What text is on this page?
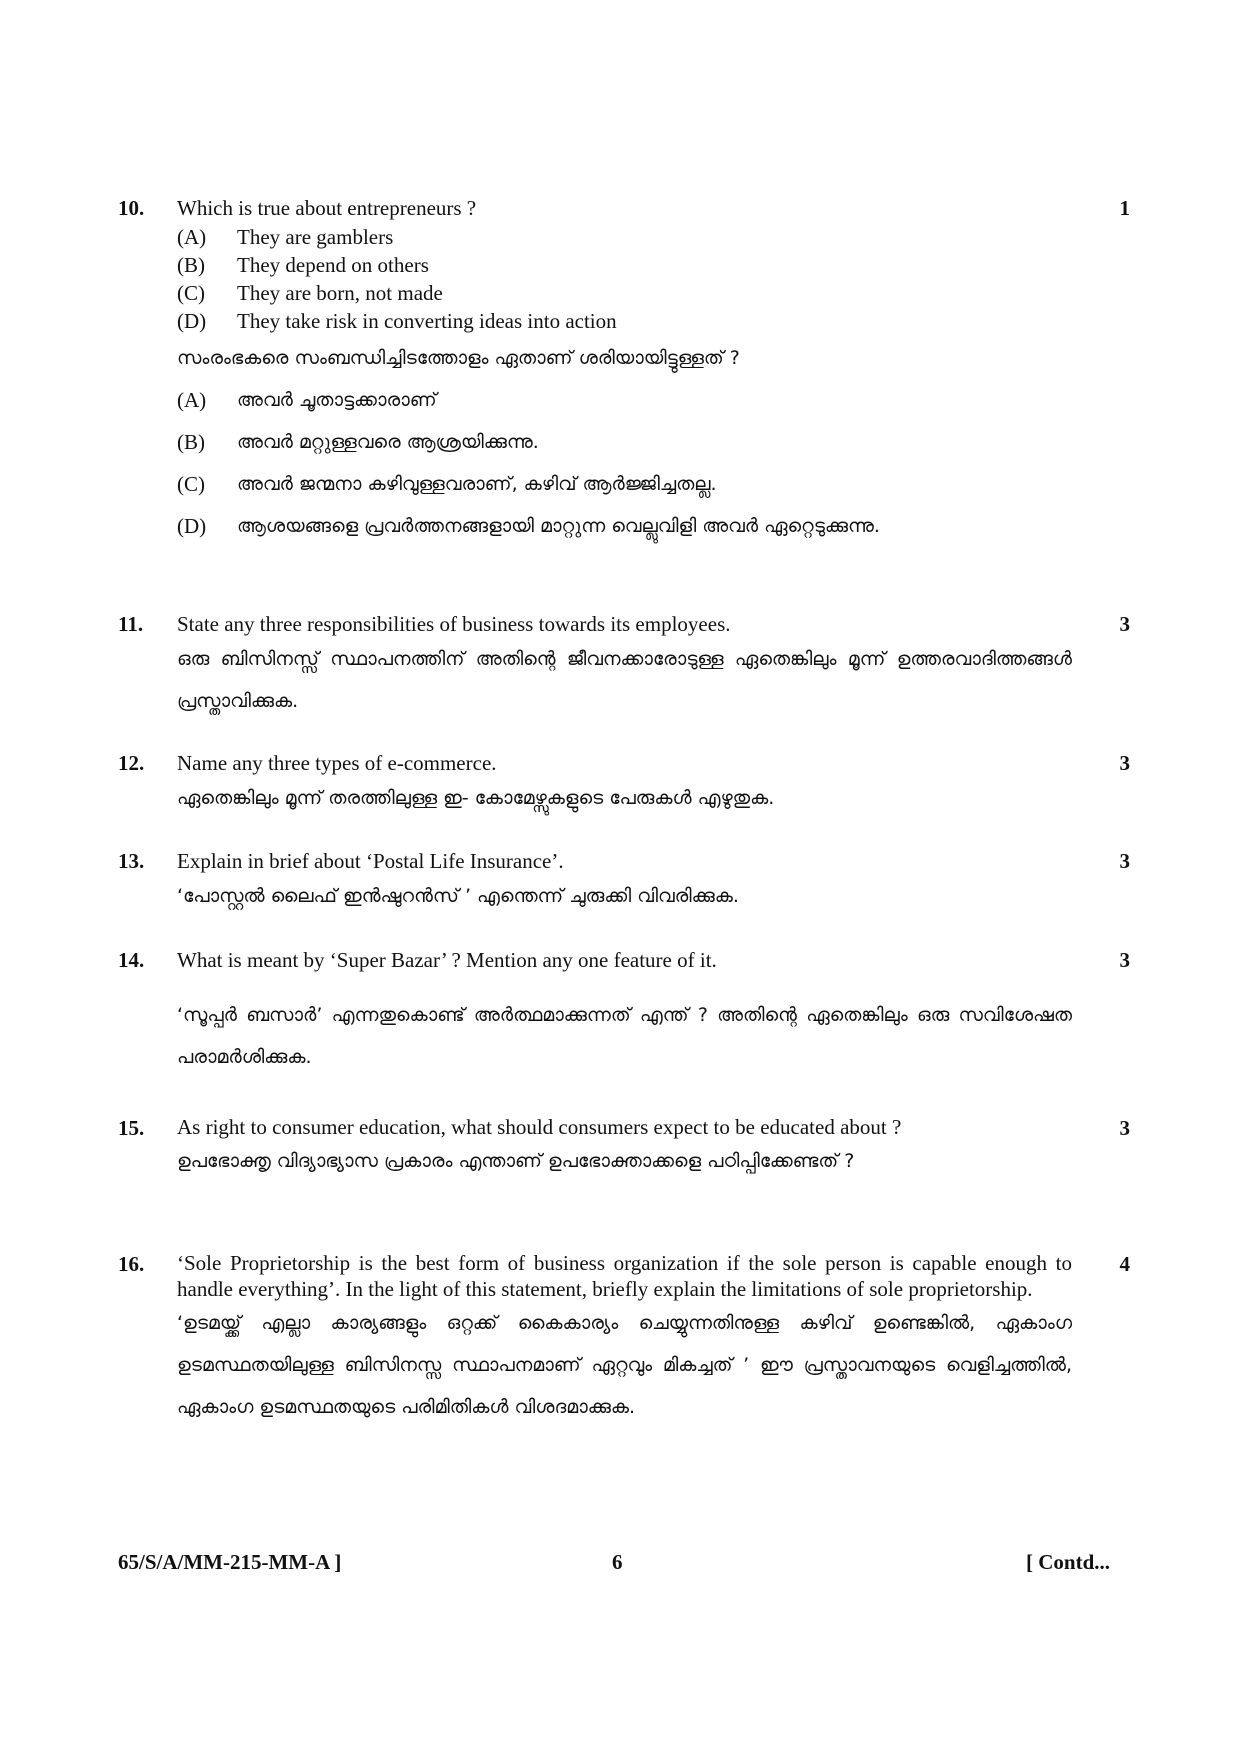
10.	Which is true about entrepreneurs ?

(A)	They are gamblers
(B)	They depend on others
(C)	They are born, not made
(D)	They take risk in converting ideas into action

സംരംഭകരെ സംബന്ധിച്ചിടത്തോളം ഏതാണ് ശരിയായിട്ടുള്ളത് ?

(A)	അവർ ചൂതാട്ടക്കാരാണ്
(B)	അവർ മറ്റുള്ളവരെ ആശ്രയിക്കുന്നു.
(C)	അവർ ജന്മനാ കഴിവുള്ളവരാണ്, കഴിവ് ആർജ്ജിച്ചതല്ല.
(D)	ആശയങ്ങളെ പ്രവർത്തനങ്ങളായി മാറ്റുന്ന വെല്ലുവിളി അവർ ഏറ്റെടുക്കുന്നു.
1
11.	State any three responsibilities of business towards its employees.

ഒരു ബിസിനസ്സ് സ്ഥാപനത്തിന് അതിന്റെ ജീവനക്കാരോടുള്ള ഏതെങ്കിലും മൂന്ന് ഉത്തരവാദിത്തങ്ങൾ പ്രസ്താവിക്കുക.

3
12.	Name any three types of e-commerce.

ഏതെങ്കിലും മൂന്ന് തരത്തിലുള്ള ഇ- കോമേഴ്സുകളുടെ പേരുകൾ എഴുതുക.

3
13.	Explain in brief about ‘Postal Life Insurance’.

‘പോസ്റ്റൽ ലൈഫ് ഇൻഷുറൻസ് ’ എന്തെന്ന് ചുരുക്കി വിവരിക്കുക.

3
14.	What is meant by ‘Super Bazar’ ? Mention any one feature of it.

‘സൂപ്പർ ബസാർ’ എന്നതുകൊണ്ട് അർത്ഥമാക്കുന്നത് എന്ത് ? അതിന്റെ ഏതെങ്കിലും ഒരു സവിശേഷത പരാമർശിക്കുക.

3
15.	As right to consumer education, what should consumers expect to be educated about ?

ഉപഭോക്തൃ വിദ്യാഭ്യാസ പ്രകാരം എന്താണ് ഉപഭോക്താക്കളെ പഠിപ്പിക്കേണ്ടത് ?

3
16.	‘Sole Proprietorship is the best form of business organization if the sole person is capable enough to handle everything’. In the light of this statement, briefly explain the limitations of sole proprietorship.

‘ഉടമയ്ക്ക് എല്ലാ കാര്യങ്ങളും ഒറ്റക്ക് കൈകാര്യം ചെയ്യുന്നതിനുള്ള കഴിവ് ഉണ്ടെങ്കിൽ, ഏകാംഗ ഉടമസ്ഥതയിലുള്ള ബിസിനസ്സ സ്ഥാപനമാണ് ഏറ്റവും മികച്ചത് ’ ഈ പ്രസ്താവനയുടെ വെളിച്ചത്തിൽ, ഏകാംഗ ഉടമസ്ഥതയുടെ പരിമിതികൾ വിശദമാക്കുക.

4
65/S/A/MM-215-MM-A ]	6	[ Contd...
